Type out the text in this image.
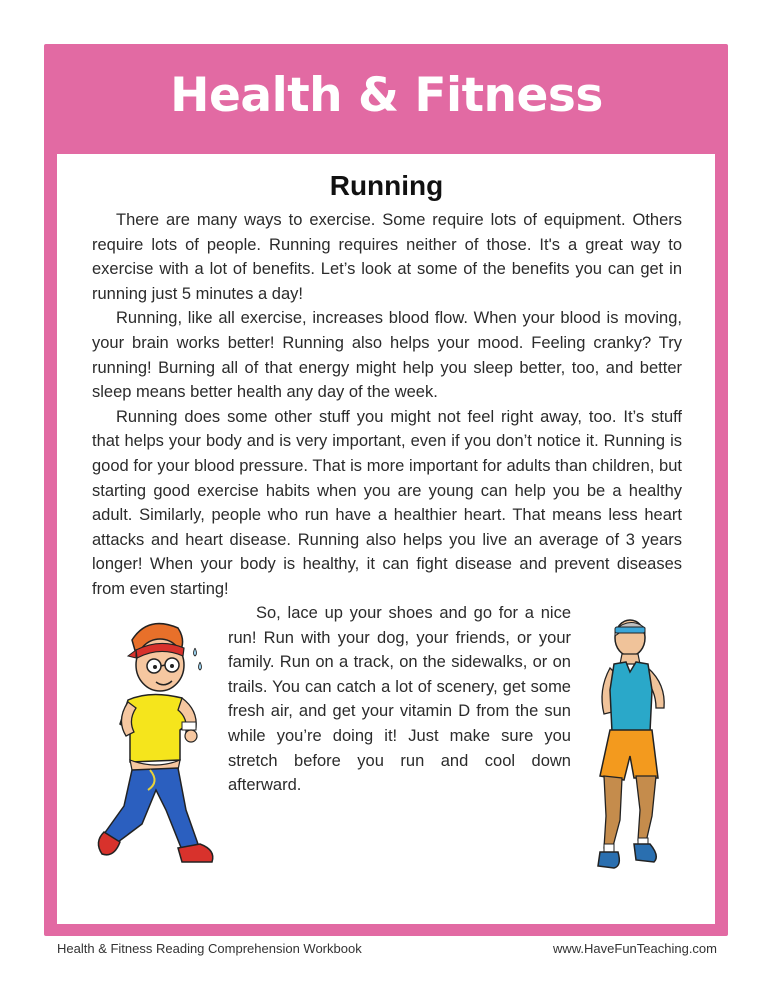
Health & Fitness
Running

There are many ways to exercise. Some require lots of equipment. Others require lots of people. Running requires neither of those. It's a great way to exercise with a lot of benefits. Let’s look at some of the benefits you can get in running just 5 minutes a day!

Running, like all exercise, increases blood flow. When your blood is moving, your brain works better! Running also helps your mood. Feeling cranky? Try running! Burning all of that energy might help you sleep better, too, and better sleep means better health any day of the week.

Running does some other stuff you might not feel right away, too. It’s stuff that helps your body and is very important, even if you don’t notice it. Running is good for your blood pressure. That is more important for adults than children, but starting good exercise habits when you are young can help you be a healthy adult. Similarly, people who run have a healthier heart. That means less heart attacks and heart disease. Running also helps you live an average of 3 years longer! When your body is healthy, it can fight disease and prevent diseases from even starting!

So, lace up your shoes and go for a nice run! Run with your dog, your friends, or your family. Run on a track, on the sidewalks, or on trails. You can catch a lot of scenery, get some fresh air, and get your vitamin D from the sun while you’re doing it! Just make sure you stretch before you run and cool down afterward.

Health & Fitness Reading Comprehension Workbook	www.HaveFunTeaching.com
